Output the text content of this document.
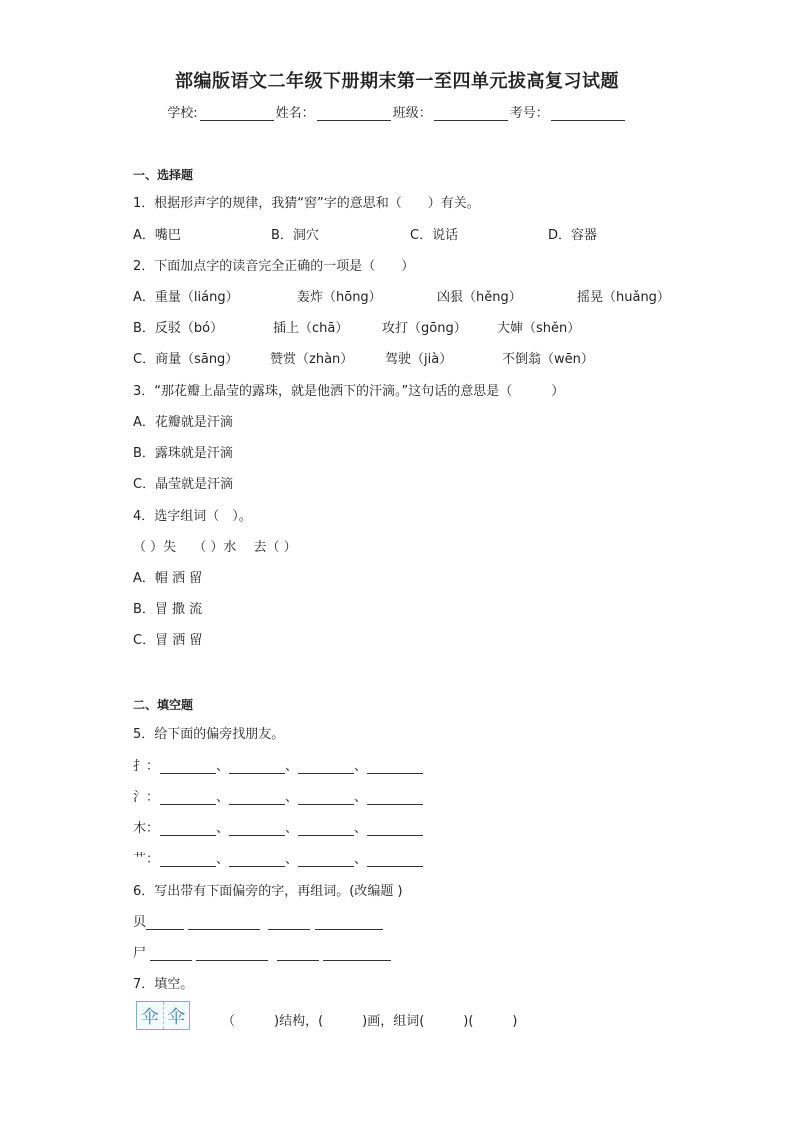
部编版语文二年级下册期末第一至四单元拔高复习试题
学校:	姓名：	班级：	考号：
一、选择题
1．根据形声字的规律，我猜“窖”字的意思和（　　）有关。
A．嘴巴	B．洞穴	C．说话	D．容器
2．下面加点字的读音完全正确的一项是（　　）
A．重量（liáng）	轰炸（hōng）	凶狠（hěng）	摇晃（huǎng）
B．反驳（bó）	插上（chā）	攻打（gōng） 大婶（shěn）
C．商量（sāng） 赞赏（zhàn） 驾驶（jià）	不倒翁（wēn）
3．“那花瓣上晶莹的露珠，就是他洒下的汗滴。”这句话的意思是（　　　）
A．花瓣就是汗滴
B．露珠就是汗滴
C．晶莹就是汗滴
4．选字组词（　）。
（ ）失　 （ ）水　 去（ ）
A．帽 洒 留
B．冒 撒 流
C．冒 洒 留
二、填空题
5．给下面的偏旁找朋友。
扌：	、	、	、
氵：	、	、	、
木：	、	、	、
艹：	、	、	、
6．写出带有下面偏旁的字，再组词。(改编题 )
贝
尸
7．填空。
伞 伞	（　　　)结构，(　　　)画，组词(　　　)(　　　)
